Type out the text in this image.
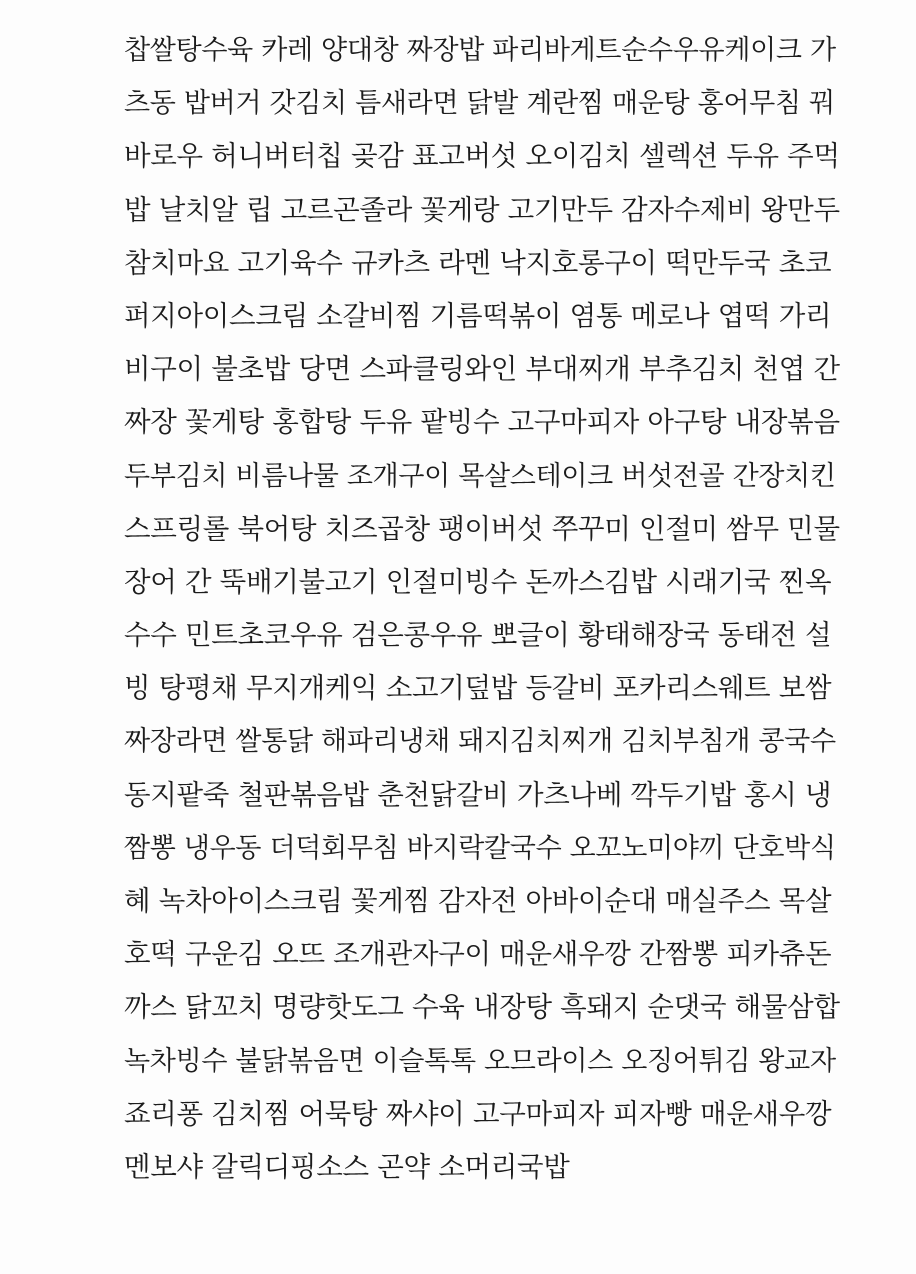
찹쌀탕수육 카레 양대창 짜장밥 파리바게트순수우유케이크 가
츠동 밥버거 갓김치 틈새라면 닭발 계란찜 매운탕 홍어무침 꿔
바로우 허니버터칩 곶감 표고버섯 오이김치 셀렉션 두유 주먹
밥 날치알 립 고르곤졸라 꽃게랑 고기만두 감자수제비 왕만두
참치마요 고기육수 규카츠 라멘 낙지호롱구이 떡만두국 초코
퍼지아이스크림 소갈비찜 기름떡볶이 염통 메로나 엽떡 가리
비구이 불초밥 당면 스파클링와인 부대찌개 부추김치 천엽 간
짜장 꽃게탕 홍합탕 두유 팥빙수 고구마피자 아구탕 내장볶음
두부김치 비름나물 조개구이 목살스테이크 버섯전골 간장치킨
스프링롤 북어탕 치즈곱창 팽이버섯 쭈꾸미 인절미 쌈무 민물
장어 간 뚝배기불고기 인절미빙수 돈까스김밥 시래기국 찐옥
수수 민트초코우유 검은콩우유 뽀글이 황태해장국 동태전 설
빙 탕평채 무지개케익 소고기덮밥 등갈비 포카리스웨트 보쌈
짜장라면 쌀통닭 해파리냉채 돼지김치찌개 김치부침개 콩국수
동지팥죽 철판볶음밥 춘천닭갈비 가츠나베 깍두기밥 홍시 냉
짬뽕 냉우동 더덕회무침 바지락칼국수 오꼬노미야끼 단호박식
혜 녹차아이스크림 꽃게찜 감자전 아바이순대 매실주스 목살
호떡 구운김 오뜨 조개관자구이 매운새우깡 간짬뽕 피카츄돈
까스 닭꼬치 명량핫도그 수육 내장탕 흑돼지 순댓국 해물삼합
녹차빙수 불닭볶음면 이슬톡톡 오므라이스 오징어튀김 왕교자
죠리퐁 김치찜 어묵탕 짜샤이 고구마피자 피자빵 매운새우깡
멘보샤 갈릭디핑소스 곤약 소머리국밥
